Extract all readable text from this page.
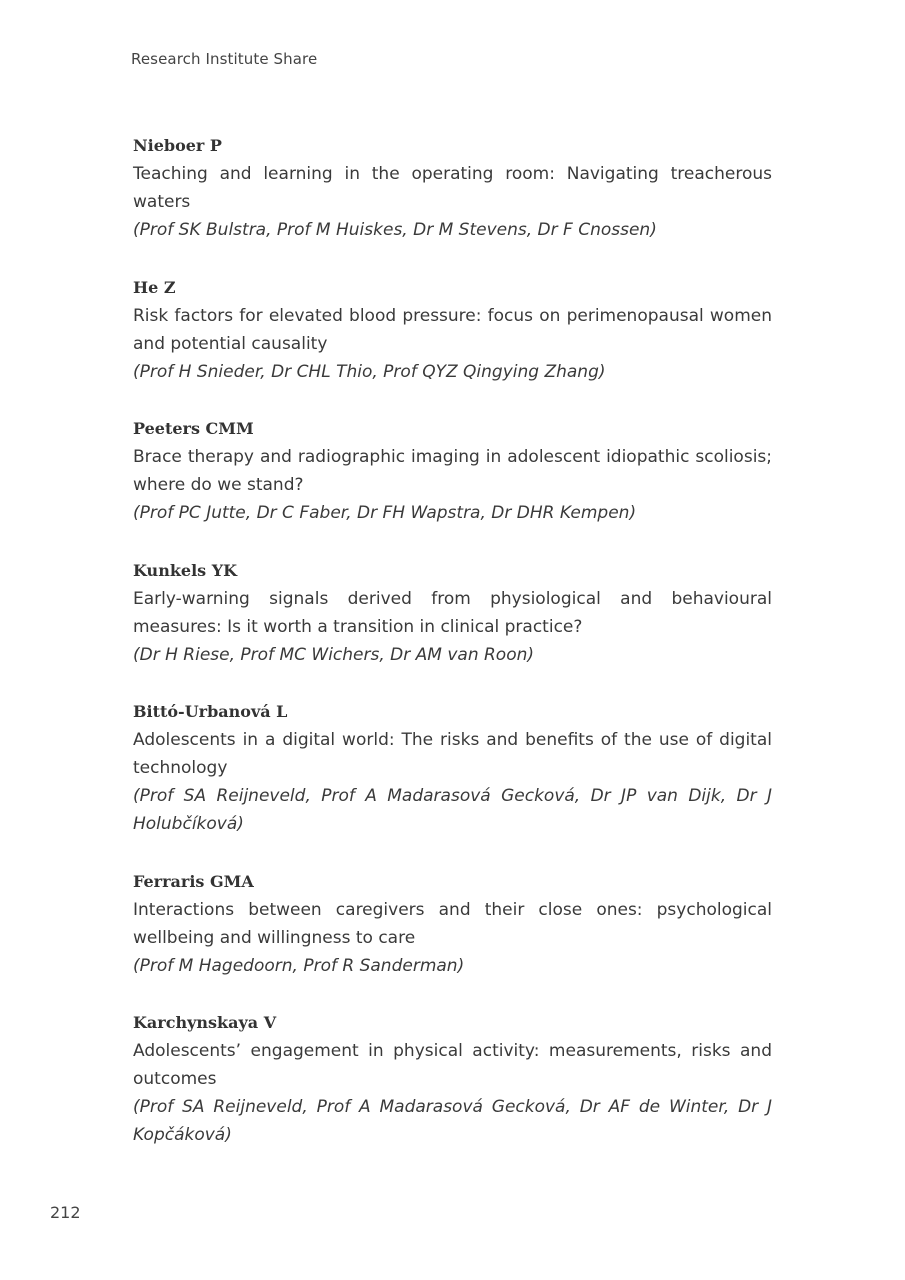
Research Institute Share
Nieboer P
Teaching and learning in the operating room: Navigating treacherous waters
(Prof SK Bulstra, Prof M Huiskes, Dr M Stevens, Dr F Cnossen)
He Z
Risk factors for elevated blood pressure: focus on perimenopausal women and potential causality
(Prof H Snieder, Dr CHL Thio, Prof QYZ Qingying Zhang)
Peeters CMM
Brace therapy and radiographic imaging in adolescent idiopathic scoliosis; where do we stand?
(Prof PC Jutte, Dr C Faber, Dr FH Wapstra, Dr DHR Kempen)
Kunkels YK
Early-warning signals derived from physiological and behavioural measures: Is it worth a transition in clinical practice?
(Dr H Riese, Prof MC Wichers, Dr AM van Roon)
Bittó-Urbanová L
Adolescents in a digital world: The risks and benefits of the use of digital technology
(Prof SA Reijneveld, Prof A Madarasová Gecková, Dr JP van Dijk, Dr J Holubčíková)
Ferraris GMA
Interactions between caregivers and their close ones: psychological wellbeing and willingness to care
(Prof M Hagedoorn, Prof R Sanderman)
Karchynskaya V
Adolescents’ engagement in physical activity: measurements, risks and outcomes
(Prof SA Reijneveld, Prof A Madarasová Gecková, Dr AF de Winter, Dr J Kopčáková)
212
